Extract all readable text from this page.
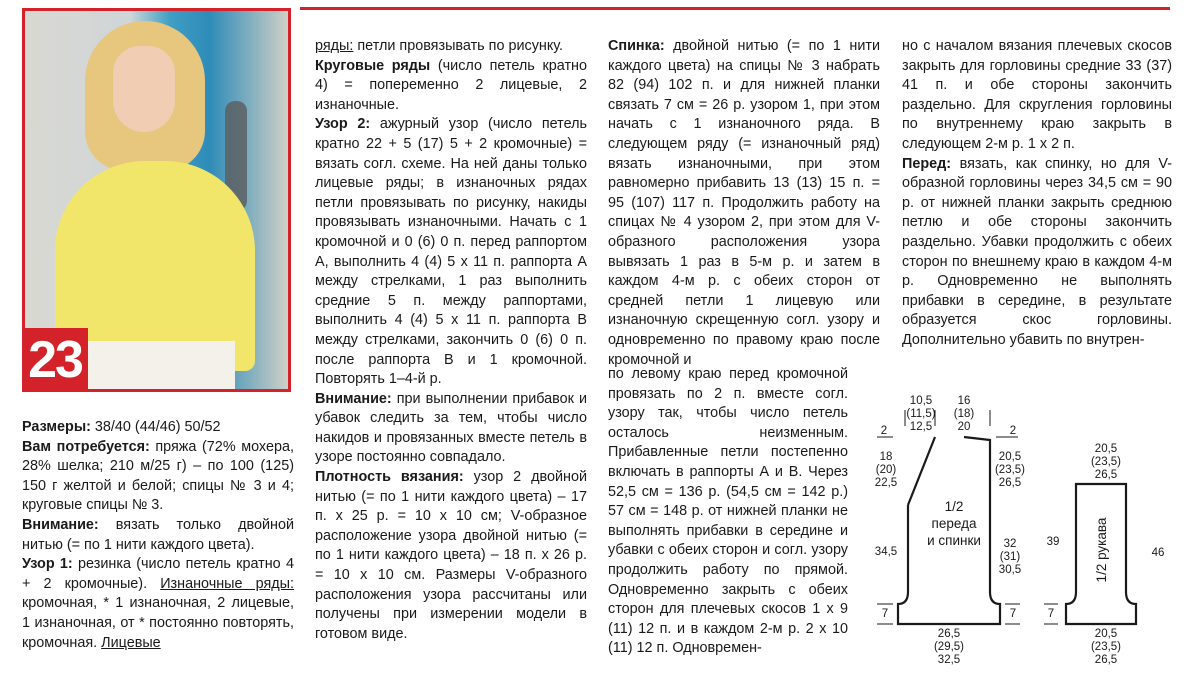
23

Размеры: 38/40 (44/46) 50/52

Вам потребуется: пряжа (72% мохера, 28% шелка; 210 м/25 г) – по 100 (125) 150 г желтой и белой; спицы № 3 и 4; круговые спицы № 3.

Внимание: вязать только двойной нитью (= по 1 нити каждого цвета).

Узор 1: резинка (число петель кратно 4 + 2 кромочные). Изнаночные ряды: кромочная, * 1 изнаночная, 2 лицевые, 1 изнаночная, от * постоянно повторять, кромочная. Лицевые

ряды: петли провязывать по рисунку.

Круговые ряды (число петель кратно 4) = попеременно 2 лицевые, 2 изнаночные.

Узор 2: ажурный узор (число петель кратно 22 + 5 (17) 5 + 2 кромочные) = вязать согл. схеме. На ней даны только лицевые ряды; в изнаночных рядах петли провязывать по рисунку, накиды провязывать изнаночными. Начать с 1 кромочной и 0 (6) 0 п. перед раппортом А, выполнить 4 (4) 5 х 11 п. раппорта А между стрелками, 1 раз выполнить средние 5 п. между раппортами, выполнить 4 (4) 5 х 11 п. раппорта В между стрелками, закончить 0 (6) 0 п. после раппорта В и 1 кромочной. Повторять 1–4-й р.

Внимание: при выполнении прибавок и убавок следить за тем, чтобы число накидов и провязанных вместе петель в узоре постоянно совпадало.

Плотность вязания: узор 2 двойной нитью (= по 1 нити каждого цвета) – 17 п. х 25 р. = 10 х 10 см; V-образное расположение узора двойной нитью (= по 1 нити каждого цвета) – 18 п. х 26 р. = 10 х 10 см. Размеры V-образного расположения узора рассчитаны или получены при измерении модели в готовом виде.

Спинка: двойной нитью (= по 1 нити каждого цвета) на спицы № 3 набрать 82 (94) 102 п. и для нижней планки связать 7 см = 26 р. узором 1, при этом начать с 1 изнаночного ряда. В следующем ряду (= изнаночный ряд) вязать изнаночными, при этом равномерно прибавить 13 (13) 15 п. = 95 (107) 117 п. Продолжить работу на спицах № 4 узором 2, при этом для V-образного расположения узора вывязать 1 раз в 5-м р. и затем в каждом 4-м р. с обеих сторон от средней петли 1 лицевую или изнаночную скрещенную согл. узору и одновременно по правому краю после кромочной и

по левому краю перед кромочной провязать по 2 п. вместе согл. узору так, чтобы число петель осталось неизменным. Прибавленные петли постепенно включать в раппорты А и В. Через 52,5 см = 136 р. (54,5 см = 142 р.) 57 см = 148 р. от нижней планки не выполнять прибавки в середине и убавки с обеих сторон и согл. узору продолжить работу по прямой. Одновременно закрыть с обеих сторон для плечевых скосов 1 х 9 (11) 12 п. и в каждом 2-м р. 2 х 10 (11) 12 п. Одновремен-

но с началом вязания плечевых скосов закрыть для горловины средние 33 (37) 41 п. и обе стороны закончить раздельно. Для скругления горловины по внутреннему краю закрыть в следующем 2-м р. 1 х 2 п.

Перед: вязать, как спинку, но для V-образной горловины через 34,5 см = 90 р. от нижней планки закрыть среднюю петлю и обе стороны закончить раздельно. Убавки продолжить с обеих сторон по внешнему краю в каждом 4-м р. Одновременно не выполнять прибавки в середине, в результате образуется скос горловины. Дополнительно убавить по внутрен-

10,5
(11,5)
12,5
16
(18)
20
2	2
18
(20)
22,5
20,5
(23,5)
26,5
32
(31)
30,5
34,5
7	7
26,5
(29,5)
32,5
20,5
(23,5)
26,5
39
46
7
20,5
(23,5)
26,5
1/2
переда
и спинки	1/2 рукава
